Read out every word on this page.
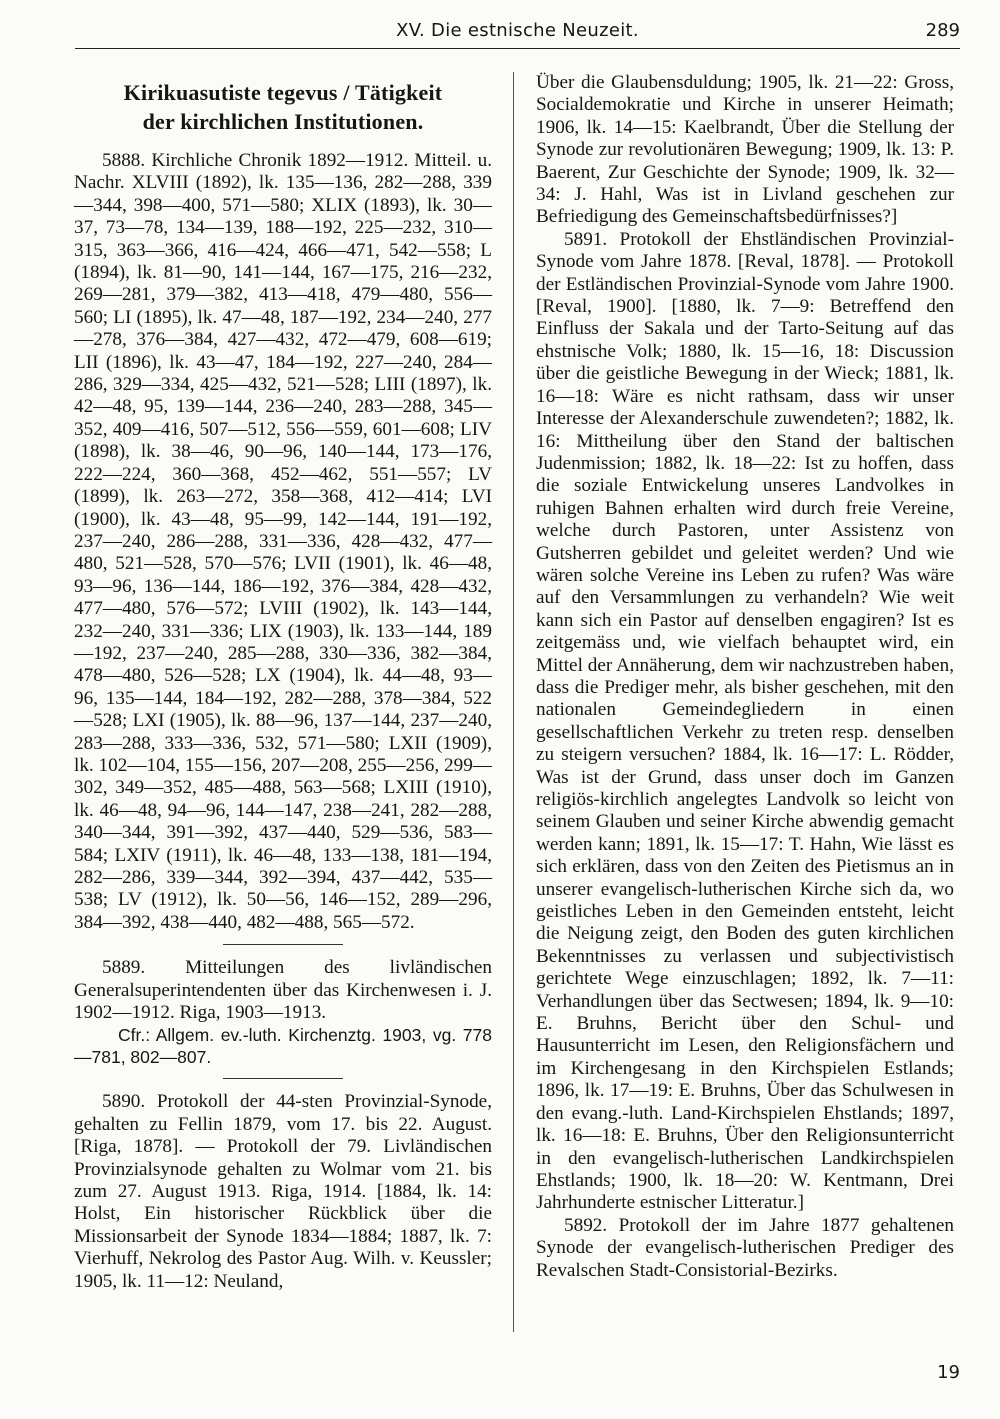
XV. Die estnische Neuzeit.	289
Kirikuasutiste tegevus / Tätigkeit
der kirchlichen Institutionen.

5888. Kirchliche Chronik 1892—1912. Mitteil. u. Nachr. XLVIII (1892), lk. 135—136, 282—288, 339—344, 398—400, 571—580; XLIX (1893), lk. 30—37, 73—78, 134—139, 188—192, 225—232, 310—315, 363—366, 416—424, 466—471, 542—558; L (1894), lk. 81—90, 141—144, 167—175, 216—232, 269—281, 379—382, 413—418, 479—480, 556—560; LI (1895), lk. 47—48, 187—192, 234—240, 277—278, 376—384, 427—432, 472—479, 608—619; LII (1896), lk. 43—47, 184—192, 227—240, 284—286, 329—334, 425—432, 521—528; LIII (1897), lk. 42—48, 95, 139—144, 236—240, 283—288, 345—352, 409—416, 507—512, 556—559, 601—608; LIV (1898), lk. 38—46, 90—96, 140—144, 173—176, 222—224, 360—368, 452—462, 551—557; LV (1899), lk. 263—272, 358—368, 412—414; LVI (1900), lk. 43—48, 95—99, 142—144, 191—192, 237—240, 286—288, 331—336, 428—432, 477—480, 521—528, 570—576; LVII (1901), lk. 46—48, 93—96, 136—144, 186—192, 376—384, 428—432, 477—480, 576—572; LVIII (1902), lk. 143—144, 232—240, 331—336; LIX (1903), lk. 133—144, 189—192, 237—240, 285—288, 330—336, 382—384, 478—480, 526—528; LX (1904), lk. 44—48, 93—96, 135—144, 184—192, 282—288, 378—384, 522—528; LXI (1905), lk. 88—96, 137—144, 237—240, 283—288, 333—336, 532, 571—580; LXII (1909), lk. 102—104, 155—156, 207—208, 255—256, 299—302, 349—352, 485—488, 563—568; LXIII (1910), lk. 46—48, 94—96, 144—147, 238—241, 282—288, 340—344, 391—392, 437—440, 529—536, 583—584; LXIV (1911), lk. 46—48, 133—138, 181—194, 282—286, 339—344, 392—394, 437—442, 535—538; LV (1912), lk. 50—56, 146—152, 289—296, 384—392, 438—440, 482—488, 565—572.

5889. Mitteilungen des livländischen Generalsuperintendenten über das Kirchenwesen i. J. 1902—1912. Riga, 1903—1913.

Cfr.: Allgem. ev.-luth. Kirchenztg. 1903, vg. 778—781, 802—807.

5890. Protokoll der 44-sten Provinzial-Synode, gehalten zu Fellin 1879, vom 17. bis 22. August. [Riga, 1878]. — Protokoll der 79. Livländischen Provinzialsynode gehalten zu Wolmar vom 21. bis zum 27. August 1913. Riga, 1914. [1884, lk. 14: Holst, Ein historischer Rückblick über die Missionsarbeit der Synode 1834—1884; 1887, lk. 7: Vierhuff, Nekrolog des Pastor Aug. Wilh. v. Keussler; 1905, lk. 11—12: Neuland,

Über die Glaubensduldung; 1905, lk. 21—22: Gross, Socialdemokratie und Kirche in unserer Heimath; 1906, lk. 14—15: Kaelbrandt, Über die Stellung der Synode zur revolutionären Bewegung; 1909, lk. 13: P. Baerent, Zur Geschichte der Synode; 1909, lk. 32—34: J. Hahl, Was ist in Livland geschehen zur Befriedigung des Gemeinschaftsbedürfnisses?]

5891. Protokoll der Ehstländischen Provinzial-Synode vom Jahre 1878. [Reval, 1878]. — Protokoll der Estländischen Provinzial-Synode vom Jahre 1900. [Reval, 1900]. [1880, lk. 7—9: Betreffend den Einfluss der Sakala und der Tarto-Seitung auf das ehstnische Volk; 1880, lk. 15—16, 18: Discussion über die geistliche Bewegung in der Wieck; 1881, lk. 16—18: Wäre es nicht rathsam, dass wir unser Interesse der Alexanderschule zuwendeten?; 1882, lk. 16: Mittheilung über den Stand der baltischen Judenmission; 1882, lk. 18—22: Ist zu hoffen, dass die soziale Entwickelung unseres Landvolkes in ruhigen Bahnen erhalten wird durch freie Vereine, welche durch Pastoren, unter Assistenz von Gutsherren gebildet und geleitet werden? Und wie wären solche Vereine ins Leben zu rufen? Was wäre auf den Versammlungen zu verhandeln? Wie weit kann sich ein Pastor auf denselben engagiren? Ist es zeitgemäss und, wie vielfach behauptet wird, ein Mittel der Annäherung, dem wir nachzustreben haben, dass die Prediger mehr, als bisher geschehen, mit den nationalen Gemeindegliedern in einen gesellschaftlichen Verkehr zu treten resp. denselben zu steigern versuchen? 1884, lk. 16—17: L. Rödder, Was ist der Grund, dass unser doch im Ganzen religiös-kirchlich angelegtes Landvolk so leicht von seinem Glauben und seiner Kirche abwendig gemacht werden kann; 1891, lk. 15—17: T. Hahn, Wie lässt es sich erklären, dass von den Zeiten des Pietismus an in unserer evangelisch-lutherischen Kirche sich da, wo geistliches Leben in den Gemeinden entsteht, leicht die Neigung zeigt, den Boden des guten kirchlichen Bekenntnisses zu verlassen und subjectivistisch gerichtete Wege einzuschlagen; 1892, lk. 7—11: Verhandlungen über das Sectwesen; 1894, lk. 9—10: E. Bruhns, Bericht über den Schul- und Hausunterricht im Lesen, den Religionsfächern und im Kirchengesang in den Kirchspielen Estlands; 1896, lk. 17—19: E. Bruhns, Über das Schulwesen in den evang.-luth. Land-Kirchspielen Ehstlands; 1897, lk. 16—18: E. Bruhns, Über den Religionsunterricht in den evangelisch-lutherischen Landkirchspielen Ehstlands; 1900, lk. 18—20: W. Kentmann, Drei Jahrhunderte estnischer Litteratur.]

5892. Protokoll der im Jahre 1877 gehaltenen Synode der evangelisch-lutherischen Prediger des Revalschen Stadt-Consistorial-Bezirks.

19
